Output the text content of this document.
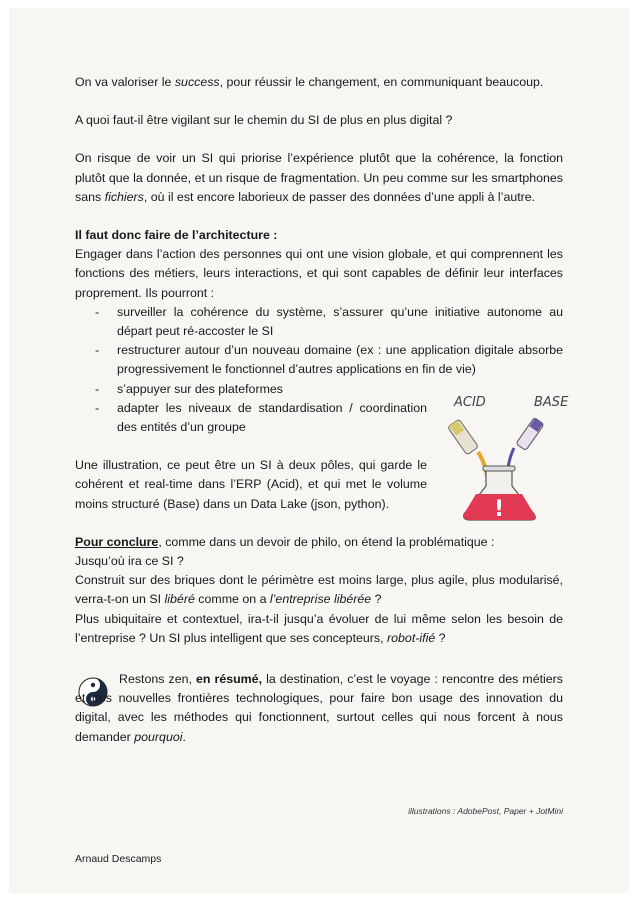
On va valoriser le success, pour réussir le changement, en communiquant beaucoup.

A quoi faut-il être vigilant sur le chemin du SI de plus en plus digital ?

On risque de voir un SI qui priorise l’expérience plutôt que la cohérence, la fonction plutôt que la donnée, et un risque de fragmentation. Un peu comme sur les smartphones sans fichiers, où il est encore laborieux de passer des données d’une appli à l’autre.

Il faut donc faire de l’architecture :

Engager dans l’action des personnes qui ont une vision globale, et qui comprennent les fonctions des métiers, leurs interactions, et qui sont capables de définir leur interfaces proprement. Ils pourront :

- surveiller la cohérence du système, s’assurer qu’une initiative autonome au départ peut ré-accoster le SI
- restructurer autour d’un nouveau domaine (ex : une application digitale absorbe progressivement le fonctionnel d’autres applications en fin de vie)
- s’appuyer sur des plateformes
- adapter les niveaux de standardisation / coordination des entités d’un groupe

Une illustration, ce peut être un SI à deux pôles, qui garde le cohérent et real-time dans l’ERP (Acid), et qui met le volume moins structuré (Base) dans un Data Lake (json, python).

Pour conclure, comme dans un devoir de philo, on étend la problématique :

Jusqu’où ira ce SI ?

Construit sur des briques dont le périmètre est moins large, plus agile, plus modularisé, verra-t-on un SI libéré comme on a l’entreprise libérée ?

Plus ubiquitaire et contextuel, ira-t-il jusqu’a évoluer de lui même selon les besoin de l’entreprise ? Un SI plus intelligent que ses concepteurs, robot-ifié ?

ACID	BASE
!

Restons zen, en résumé, la destination, c’est le voyage : rencontre des métiers et des nouvelles frontières technologiques, pour faire bon usage des innovation du digital, avec les méthodes qui fonctionnent, surtout celles qui nous forcent à nous demander pourquoi.

illustrations : AdobePost, Paper + JotMini
Arnaud Descamps
